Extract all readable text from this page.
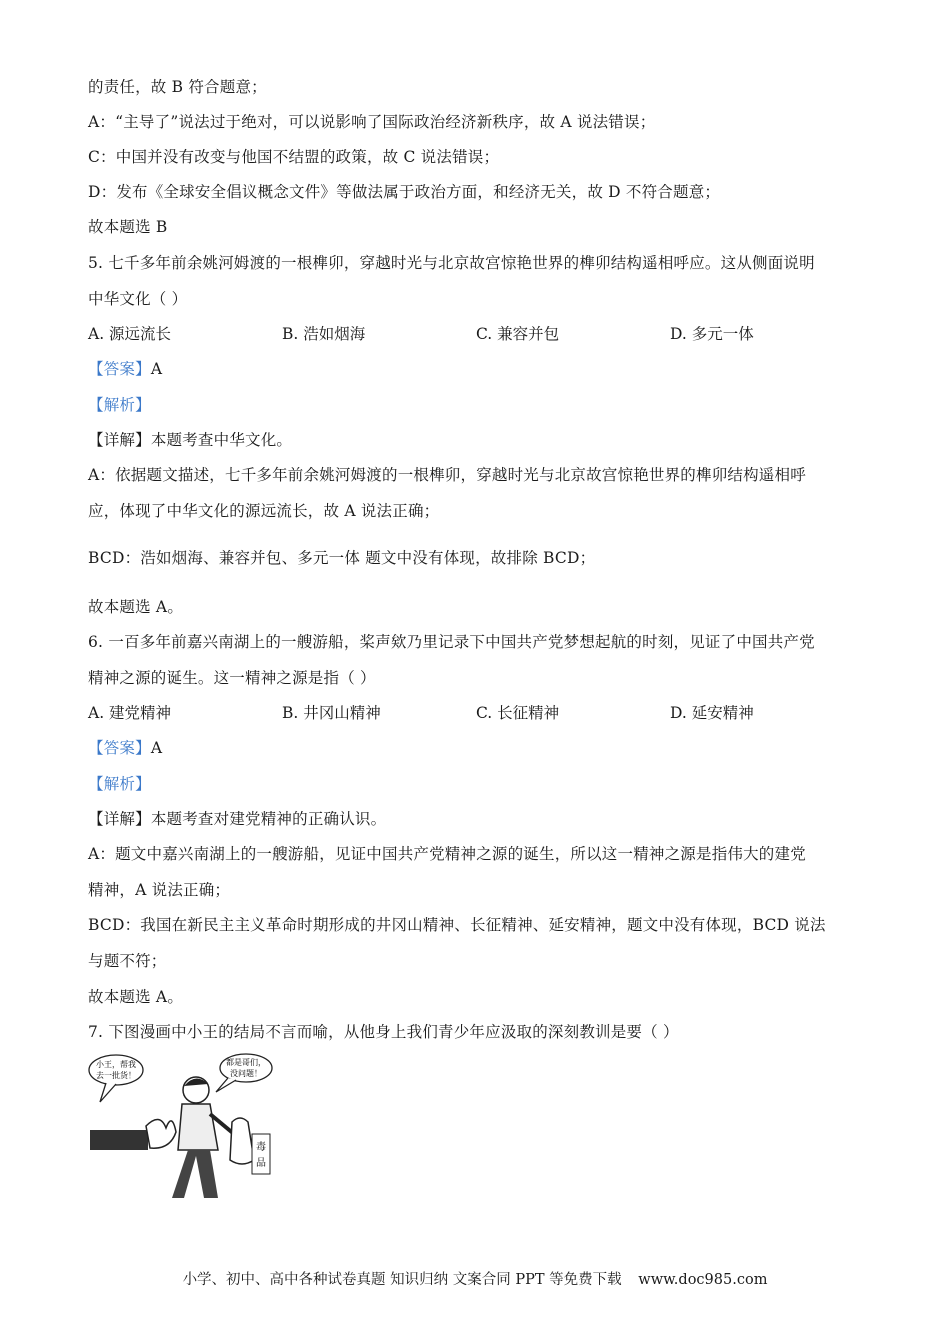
的责任，故 B 符合题意；
A：“主导了”说法过于绝对，可以说影响了国际政治经济新秩序，故 A 说法错误；
C：中国并没有改变与他国不结盟的政策，故 C 说法错误；
D：发布《全球安全倡议概念文件》等做法属于政治方面，和经济无关，故 D 不符合题意；
故本题选 B
5. 七千多年前余姚河姆渡的一根榫卯，穿越时光与北京故宫惊艳世界的榫卯结构遥相呼应。这从侧面说明
中华文化（ ）
A. 源远流长	B. 浩如烟海	C. 兼容并包	D. 多元一体
【答案】A
【解析】
【详解】本题考查中华文化。
A：依据题文描述，七千多年前余姚河姆渡的一根榫卯，穿越时光与北京故宫惊艳世界的榫卯结构遥相呼
应，体现了中华文化的源远流长，故 A 说法正确；
BCD：浩如烟海、兼容并包、多元一体 题文中没有体现，故排除 BCD；
故本题选 A。
6. 一百多年前嘉兴南湖上的一艘游船，桨声欸乃里记录下中国共产党梦想起航的时刻，见证了中国共产党
精神之源的诞生。这一精神之源是指（ ）
A. 建党精神	B. 井冈山精神	C. 长征精神	D. 延安精神
【答案】A
【解析】
【详解】本题考查对建党精神的正确认识。
A：题文中嘉兴南湖上的一艘游船，见证中国共产党精神之源的诞生，所以这一精神之源是指伟大的建党
精神，A 说法正确；
BCD：我国在新民主主义革命时期形成的井冈山精神、长征精神、延安精神，题文中没有体现，BCD 说法
与题不符；
故本题选 A。
7. 下图漫画中小王的结局不言而喻，从他身上我们青少年应汲取的深刻教训是要（ ）
小王，帮我
去一批货！
都是哥们，
没问题！
毒
品
小学、初中、高中各种试卷真题 知识归纳 文案合同 PPT 等免费下载 www.doc985.com
